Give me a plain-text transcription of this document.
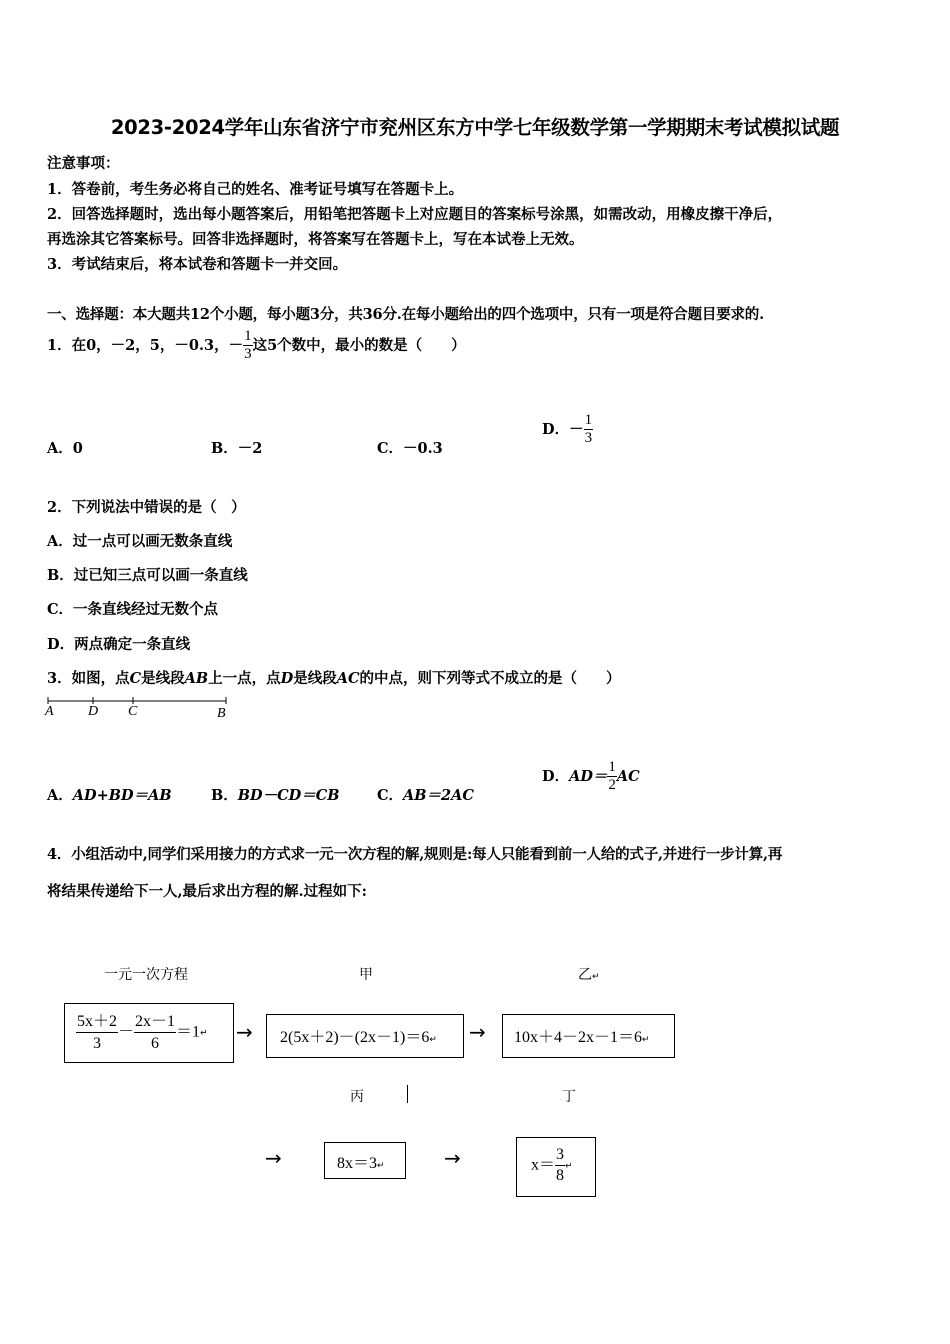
2023-2024学年山东省济宁市兖州区东方中学七年级数学第一学期期末考试模拟试题
注意事项：
1．答卷前，考生务必将自己的姓名、准考证号填写在答题卡上。
2．回答选择题时，选出每小题答案后，用铅笔把答题卡上对应题目的答案标号涂黑，如需改动，用橡皮擦干净后，
再选涂其它答案标号。回答非选择题时，将答案写在答题卡上，写在本试卷上无效。
3．考试结束后，将本试卷和答题卡一并交回。
一、选择题：本大题共12个小题，每小题3分，共36分.在每小题给出的四个选项中，只有一项是符合题目要求的.
1．在0，－2，5，－0.3，－ $\frac{1}{3}$ 这5个数中，最小的数是（　　）
A．0	B．－2	C．－0.3
D．－ $\frac{1}{3}$
2．下列说法中错误的是（　）
A．过一点可以画无数条直线
B．过已知三点可以画一条直线
C．一条直线经过无数个点
D．两点确定一条直线
3．如图，点C是线段AB上一点，点D是线段AC的中点，则下列等式不成立的是（　　）
A D C	B
A．AD+BD＝AB	B．BD－CD＝CB	C．AB＝2AC
D．$AD= \frac{1}{2}$ AC
4．小组活动中,同学们采用接力的方式求一元一次方程的解,规则是:每人只能看到前一人给的式子,并进行一步计算,再
将结果传递给下一人,最后求出方程的解.过程如下:
一元一次方程	甲	乙↵
丙	丁
$\frac{5x+2}{3} - \frac{2x-1}{6}$ ＝1↵ → 2(5x＋2)－(2x－1)＝6↵ → 10x＋4－2x－1＝6↵
→	8x＝3↵	→	$x= \frac{3}{8}$ ↵
